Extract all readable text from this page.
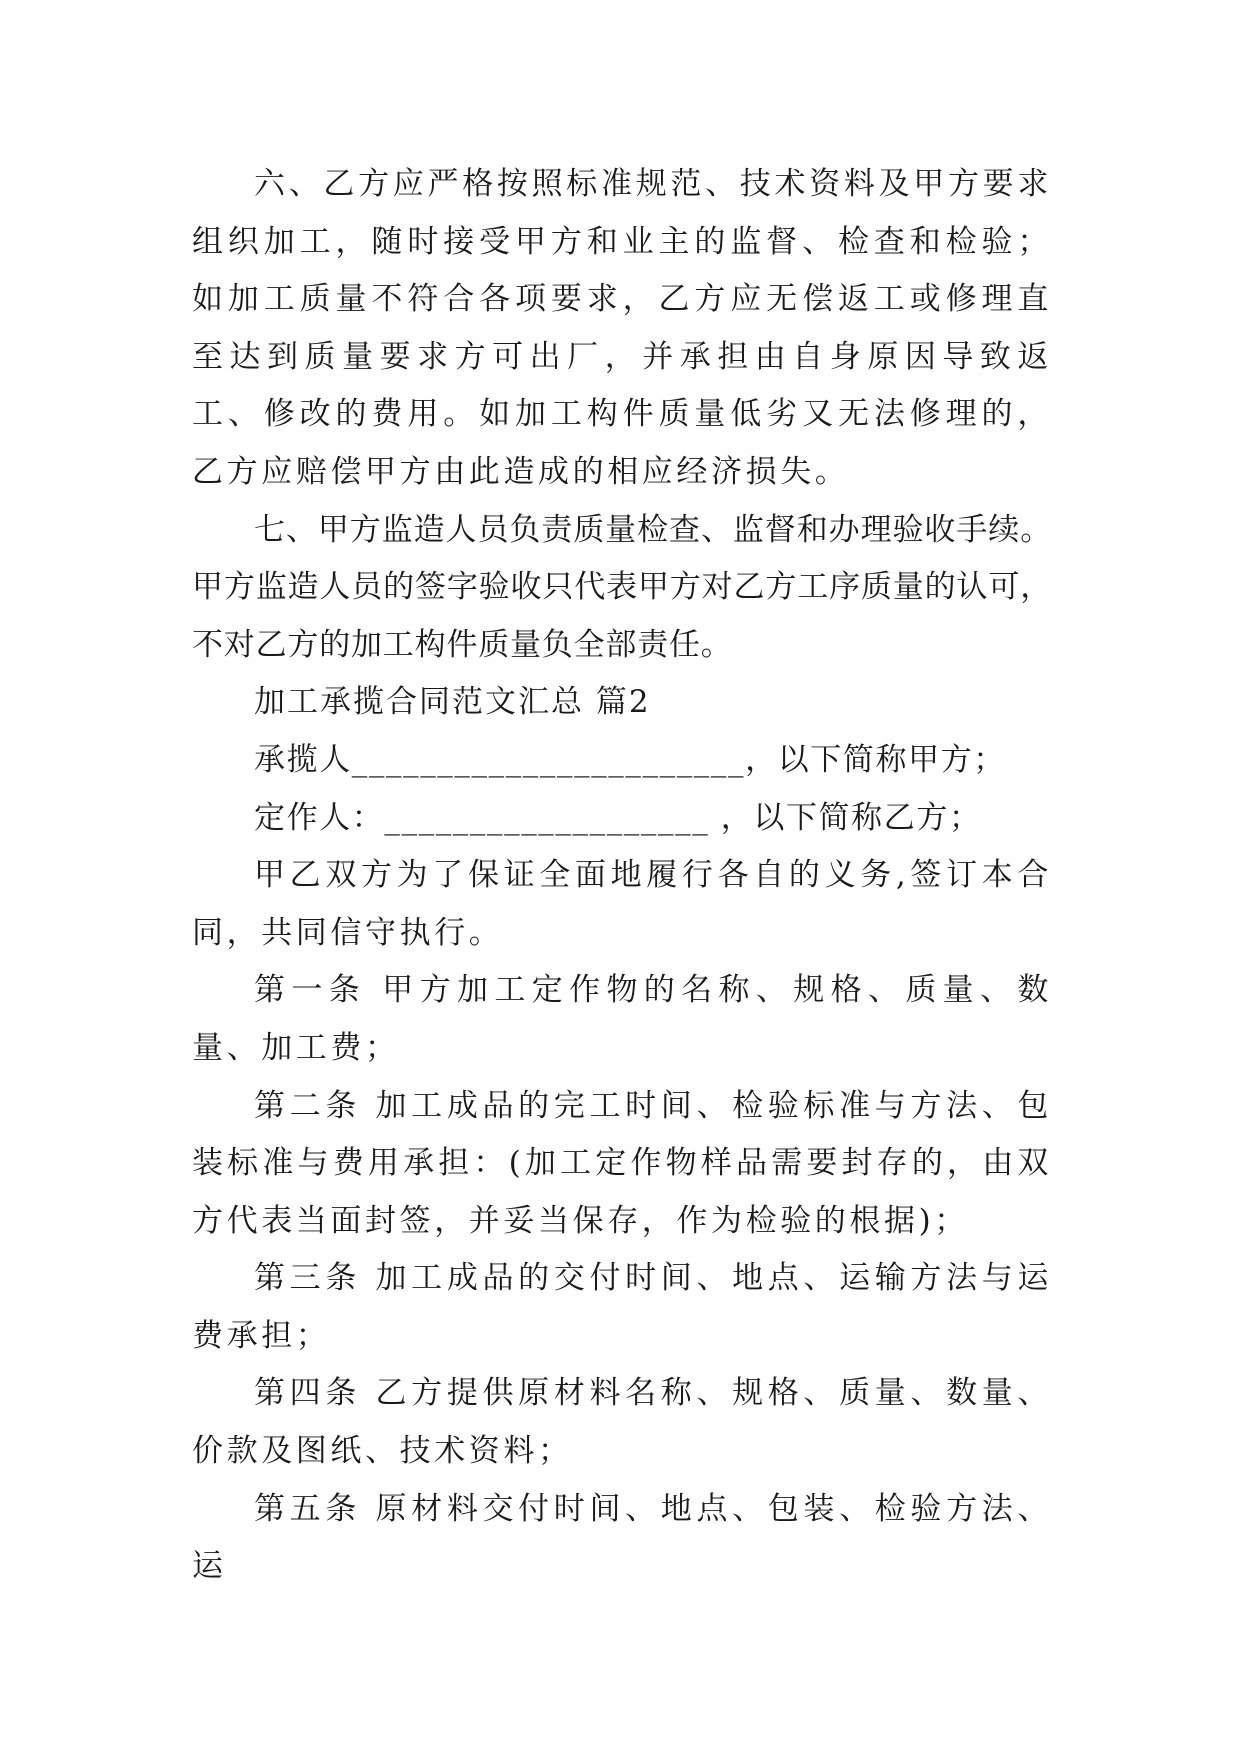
六、乙方应严格按照标准规范、技术资料及甲方要求组织加工，随时接受甲方和业主的监督、检查和检验；如加工质量不符合各项要求，乙方应无偿返工或修理直至达到质量要求方可出厂，并承担由自身原因导致返工、修改的费用。如加工构件质量低劣又无法修理的，乙方应赔偿甲方由此造成的相应经济损失。

七、甲方监造人员负责质量检查、监督和办理验收手续。甲方监造人员的签字验收只代表甲方对乙方工序质量的认可，不对乙方的加工构件质量负全部责任。

加工承揽合同范文汇总 篇2

承揽人_______________________，以下简称甲方；

定作人：___________________ ，以下简称乙方；

甲乙双方为了保证全面地履行各自的义务,签订本合同，共同信守执行。

第一条 甲方加工定作物的名称、规格、质量、数量、加工费；

第二条 加工成品的完工时间、检验标准与方法、包装标准与费用承担：(加工定作物样品需要封存的，由双方代表当面封签，并妥当保存，作为检验的根据)；

第三条 加工成品的交付时间、地点、运输方法与运费承担；

第四条 乙方提供原材料名称、规格、质量、数量、价款及图纸、技术资料；

第五条 原材料交付时间、地点、包装、检验方法、运
